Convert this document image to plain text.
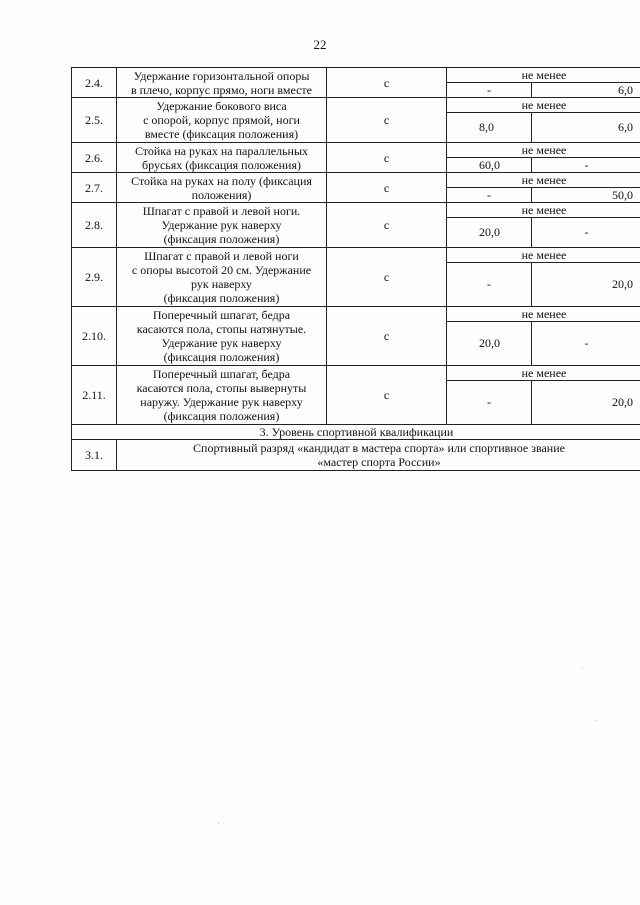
22
2.4.	Удержание горизонтальной опоры
в плечо, корпус прямо, ноги вместе	с	не менее	
			-	6,0
2.5.	Удержание бокового виса
с опорой, корпус прямой, ноги
вместе (фиксация положения)	с	не менее	
			8,0	6,0
2.6.	Стойка на руках на параллельных
брусьях (фиксация положения)	с	не менее	
			60,0	-
2.7.	Стойка на руках на полу (фиксация
положения)	с	не менее	
			-	50,0
2.8.	Шпагат с правой и левой ноги.
Удержание рук наверху
(фиксация положения)	с	не менее	
			20,0	-
2.9.	Шпагат с правой и левой ноги
с опоры высотой 20 см. Удержание
рук наверху
(фиксация положения)	с	не менее	
			-	20,0
2.10.	Поперечный шпагат, бедра
касаются пола, стопы натянутые.
Удержание рук наверху
(фиксация положения)	с	не менее	
			20,0	-
2.11.	Поперечный шпагат, бедра
касаются пола, стопы вывернуты
наружу. Удержание рук наверху
(фиксация положения)	с	не менее	
			-	20,0
3. Уровень спортивной квалификации				
3.1.	Спортивный разряд «кандидат в мастера спорта» или спортивное звание
«мастер спорта России»			
